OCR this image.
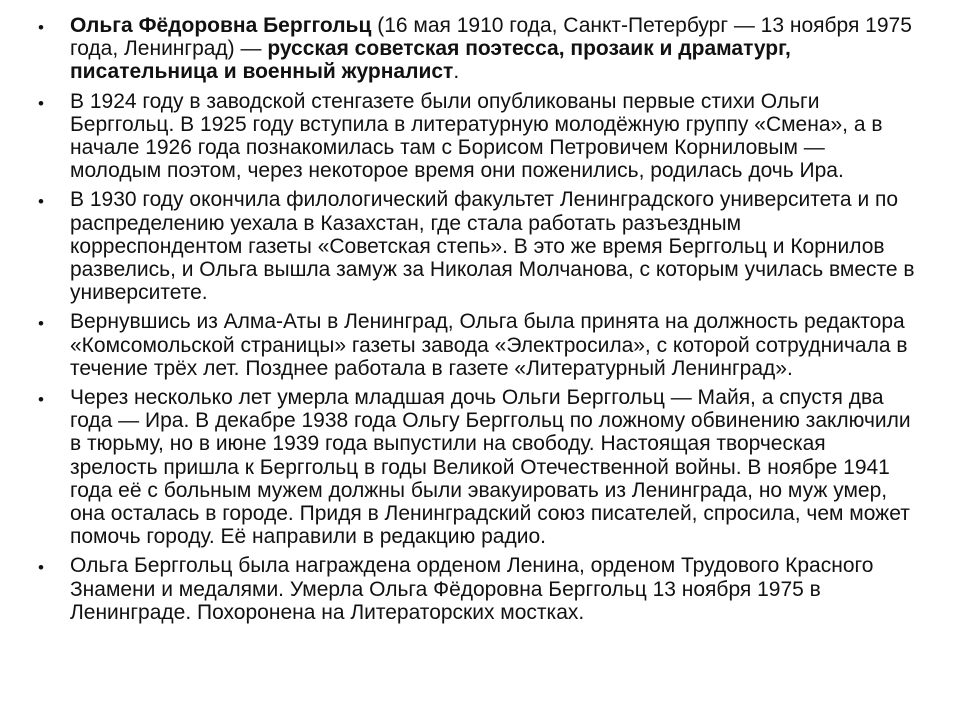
• Ольга Фёдоровна Берггольц (16 мая 1910 года, Санкт-Петербург — 13 ноября 1975 года, Ленинград) — русская советская поэтесса, прозаик и драматург, писательница и военный журналист.
• В 1924 году в заводской стенгазете были опубликованы первые стихи Ольги Берггольц. В 1925 году вступила в литературную молодёжную группу «Смена», а в начале 1926 года познакомилась там с Борисом Петровичем Корниловым — молодым поэтом, через некоторое время они поженились, родилась дочь Ира.
• В 1930 году окончила филологический факультет Ленинградского университета и по распределению уехала в Казахстан, где стала работать разъездным корреспондентом газеты «Советская степь». В это же время Берггольц и Корнилов развелись, и Ольга вышла замуж за Николая Молчанова, с которым училась вместе в университете.
• Вернувшись из Алма-Аты в Ленинград, Ольга была принята на должность редактора «Комсомольской страницы» газеты завода «Электросила», с которой сотрудничала в течение трёх лет. Позднее работала в газете «Литературный Ленинград».
• Через несколько лет умерла младшая дочь Ольги Берггольц — Майя, а спустя два года — Ира. В декабре 1938 года Ольгу Берггольц по ложному обвинению заключили в тюрьму, но в июне 1939 года выпустили на свободу. Настоящая творческая зрелость пришла к Берггольц в годы Великой Отечественной войны. В ноябре 1941 года её с больным мужем должны были эвакуировать из Ленинграда, но муж умер, она осталась в городе. Придя в Ленинградский союз писателей, спросила, чем может помочь городу. Её направили в редакцию радио.
• Ольга Берггольц была награждена орденом Ленина, орденом Трудового Красного Знамени и медалями. Умерла Ольга Фёдоровна Берггольц 13 ноября 1975 в Ленинграде. Похоронена на Литераторских мостках.
